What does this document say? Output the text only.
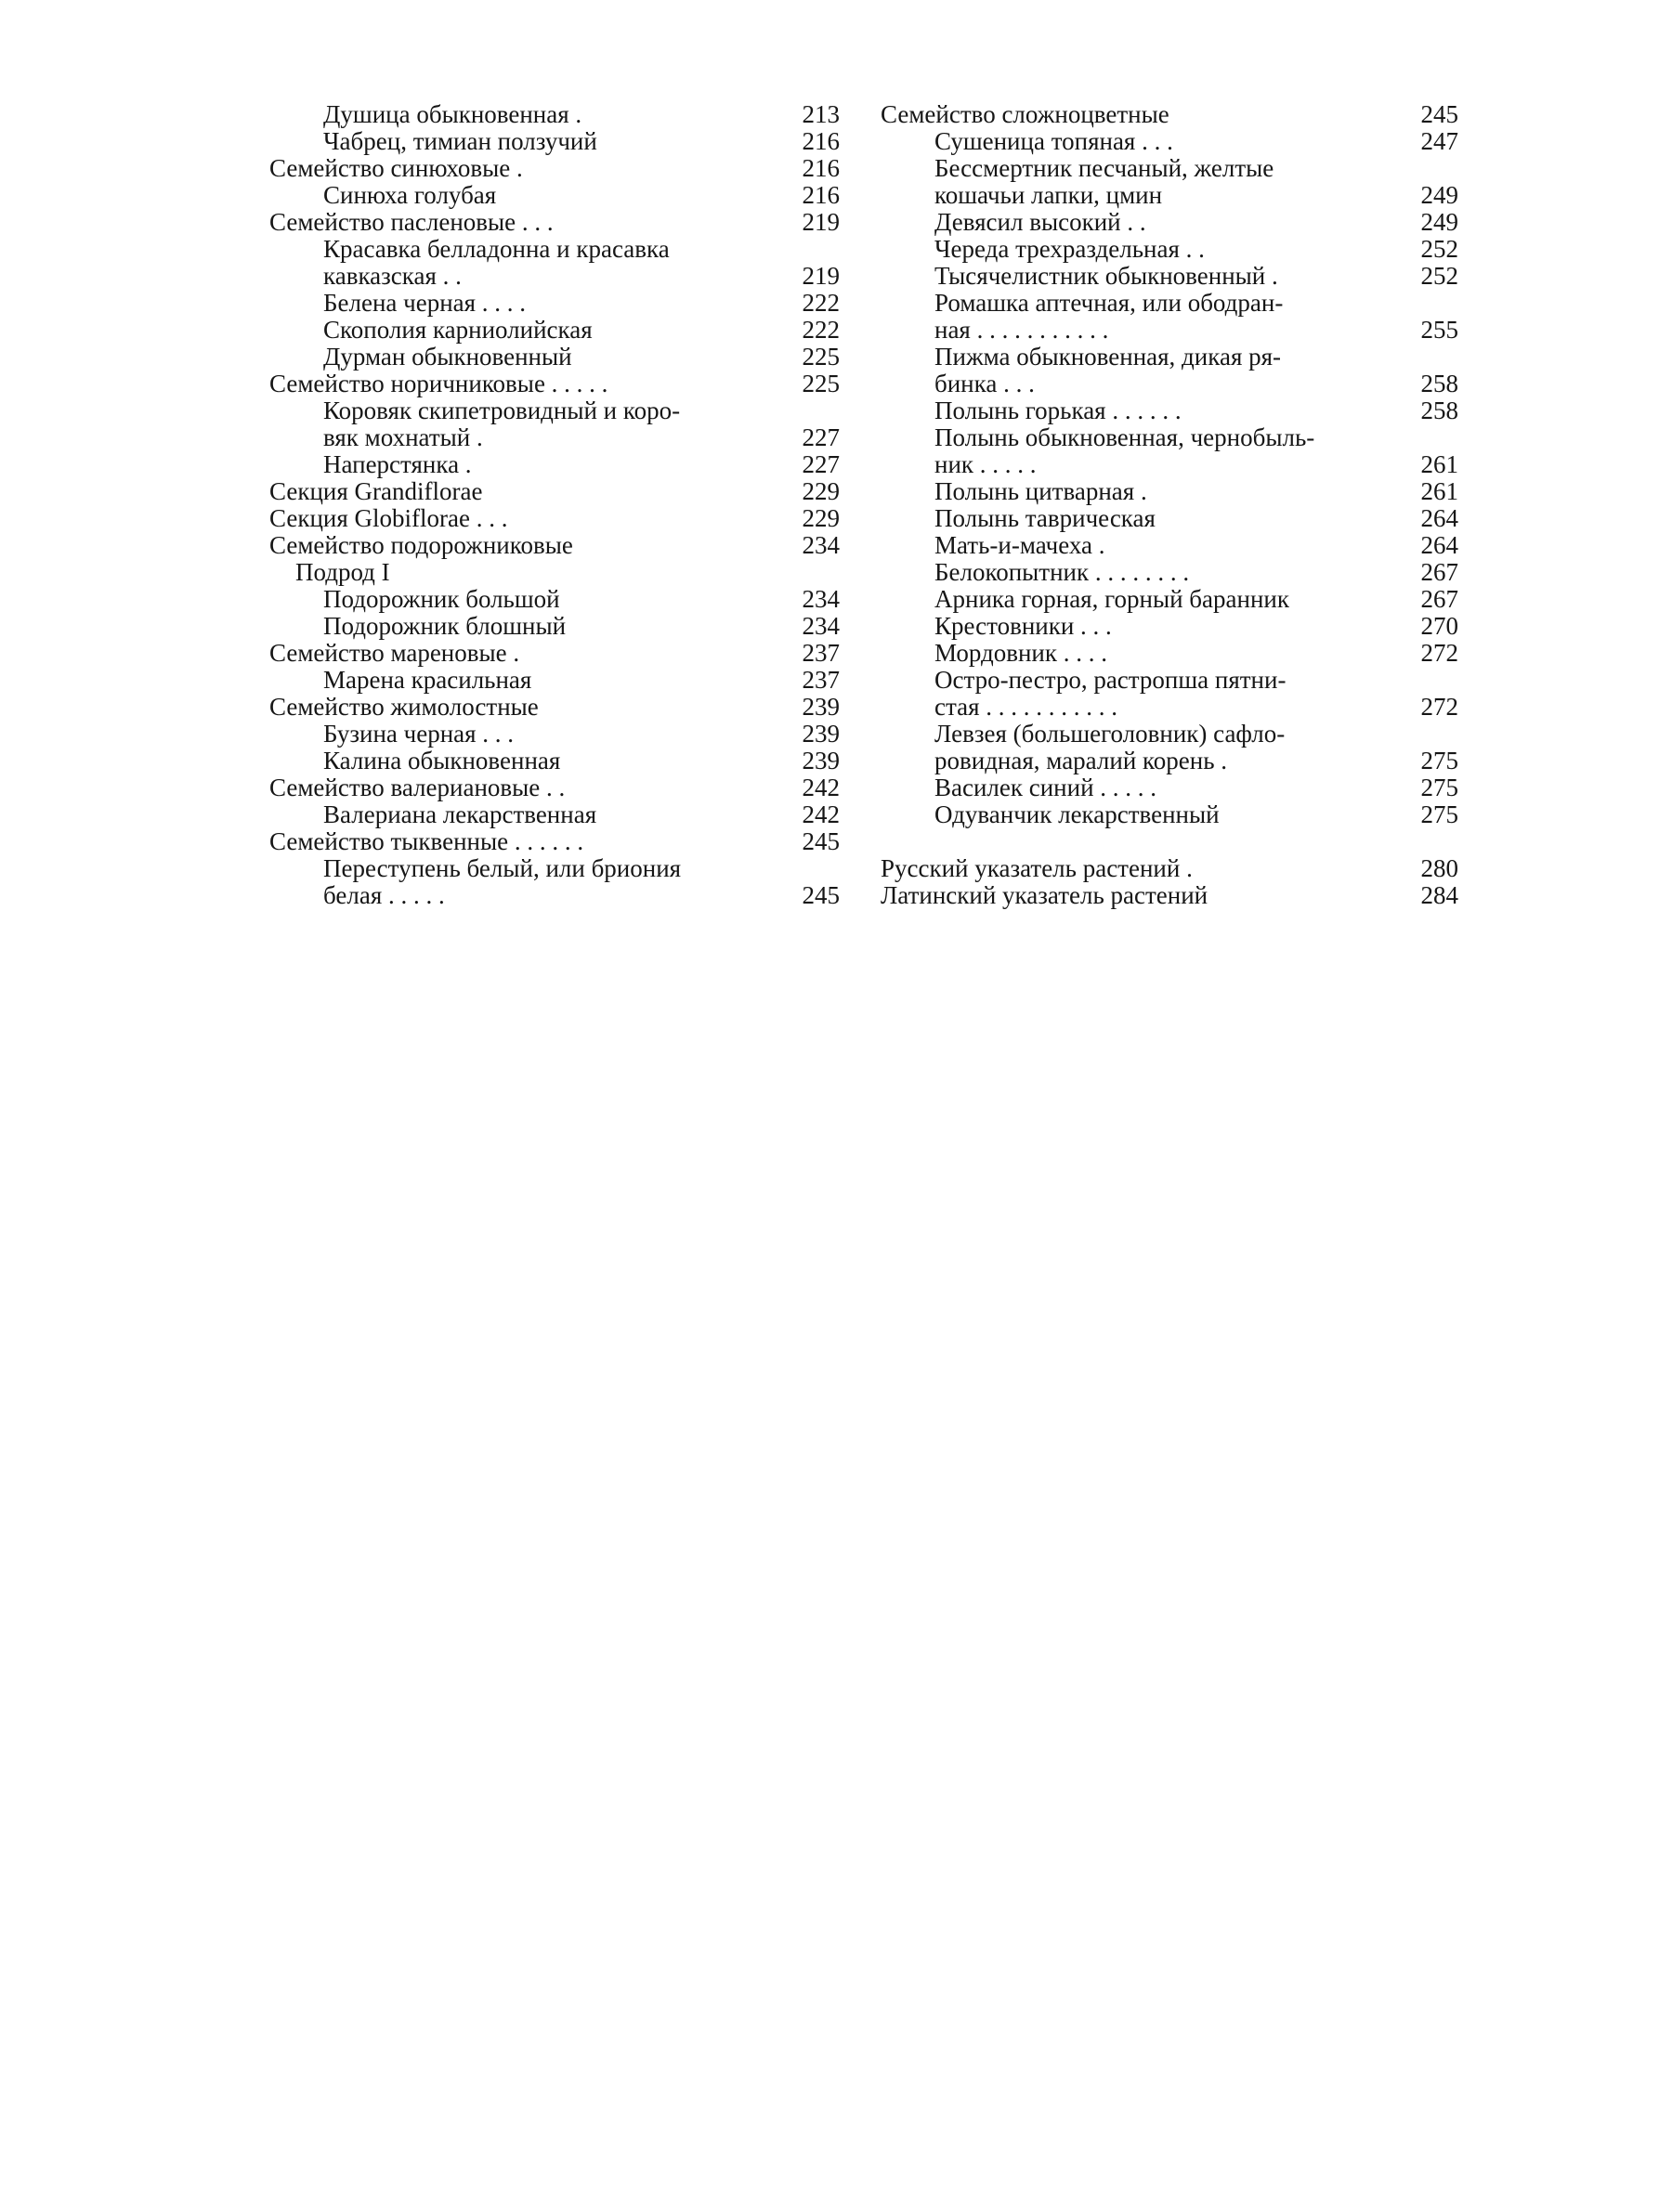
Душица обыкновенная .	213
Чабрец, тимиан ползучий	216
Семейство синюховые .	216
Синюха голубая	216
Семейство пасленовые . . .	219
Красавка белладонна и красавка
кавказская . .	219
Белена черная . . . .	222
Скополия карниолийская	222
Дурман обыкновенный	225
Семейство норичниковые . . . . .	225
Коровяк скипетровидный и коро-
вяк мохнатый .	227
Наперстянка .	227
Секция Grandiflorae	229
Секция Globiflorae . . .	229
Семейство подорожниковые	234
Подрод I
Подорожник большой	234
Подорожник блошный	234
Семейство мареновые .	237
Марена красильная	237
Семейство жимолостные	239
Бузина черная . . .	239
Калина обыкновенная	239
Семейство валериановые . .	242
Валериана лекарственная	242
Семейство тыквенные . . . . . .	245
Переступень белый, или бриония
белая . . . . .	245
Семейство сложноцветные	245
Сушеница топяная . . .	247
Бессмертник песчаный, желтые
кошачьи лапки, цмин	249
Девясил высокий . .	249
Череда трехраздельная . .	252
Тысячелистник обыкновенный .	252
Ромашка аптечная, или ободран-
ная . . . . . . . . . . .	255
Пижма обыкновенная, дикая ря-
бинка . . .	258
Полынь горькая . . . . . .	258
Полынь обыкновенная, чернобыль-
ник . . . . .	261
Полынь цитварная .	261
Полынь таврическая	264
Мать-и-мачеха .	264
Белокопытник . . . . . . . .	267
Арника горная, горный баранник	267
Крестовники . . .	270
Мордовник . . . .	272
Остро-пестро, растропша пятни-
стая . . . . . . . . . . .	272
Левзея (большеголовник) сафло-
ровидная, маралий корень .	275
Василек синий . . . . .	275
Одуванчик лекарственный	275
Русский указатель растений .	280
Латинский указатель растений	284
